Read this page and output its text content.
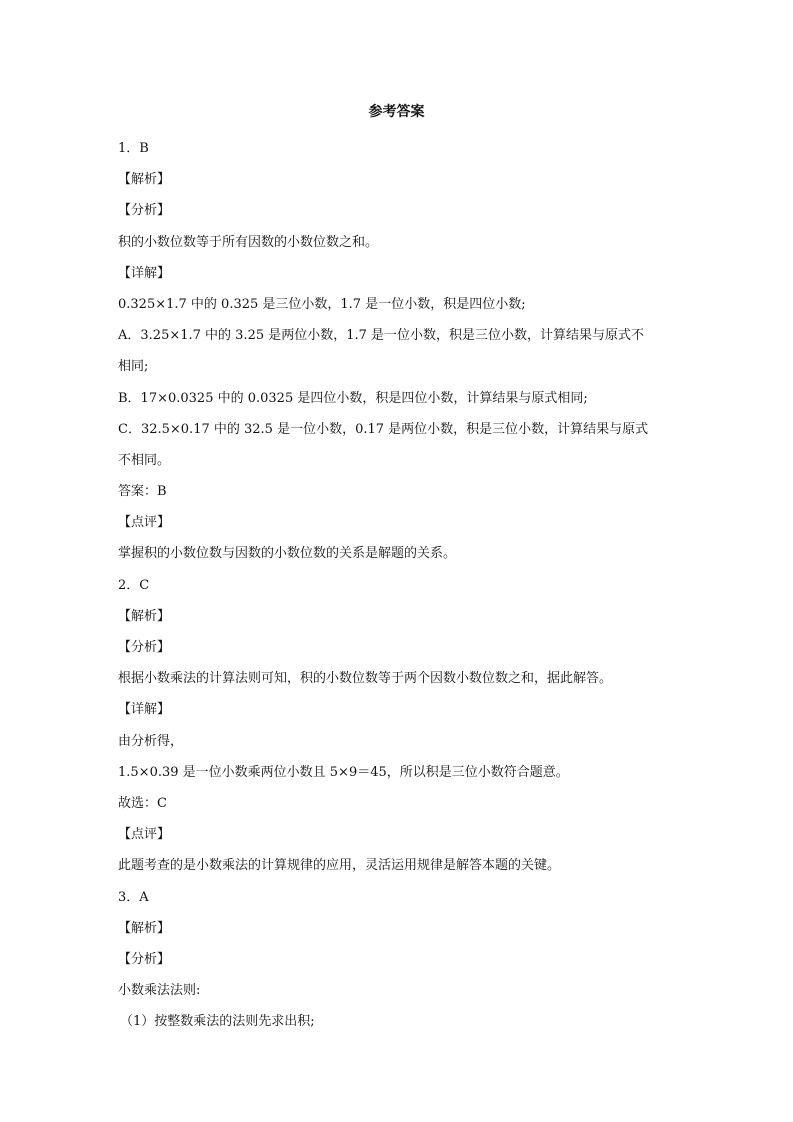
参考答案
1．B
【解析】
【分析】
积的小数位数等于所有因数的小数位数之和。
【详解】
0.325×1.7 中的 0.325 是三位小数，1.7 是一位小数，积是四位小数;
A．3.25×1.7 中的 3.25 是两位小数，1.7 是一位小数，积是三位小数，计算结果与原式不
相同;
B．17×0.0325 中的 0.0325 是四位小数，积是四位小数，计算结果与原式相同;
C．32.5×0.17 中的 32.5 是一位小数，0.17 是两位小数，积是三位小数，计算结果与原式
不相同。
答案：B
【点评】
掌握积的小数位数与因数的小数位数的关系是解题的关系。
2．C
【解析】
【分析】
根据小数乘法的计算法则可知，积的小数位数等于两个因数小数位数之和，据此解答。
【详解】
由分析得，
1.5×0.39 是一位小数乘两位小数且 5×9＝45，所以积是三位小数符合题意。
故选：C
【点评】
此题考查的是小数乘法的计算规律的应用，灵活运用规律是解答本题的关键。
3．A
【解析】
【分析】
小数乘法法则:
（1）按整数乘法的法则先求出积;
